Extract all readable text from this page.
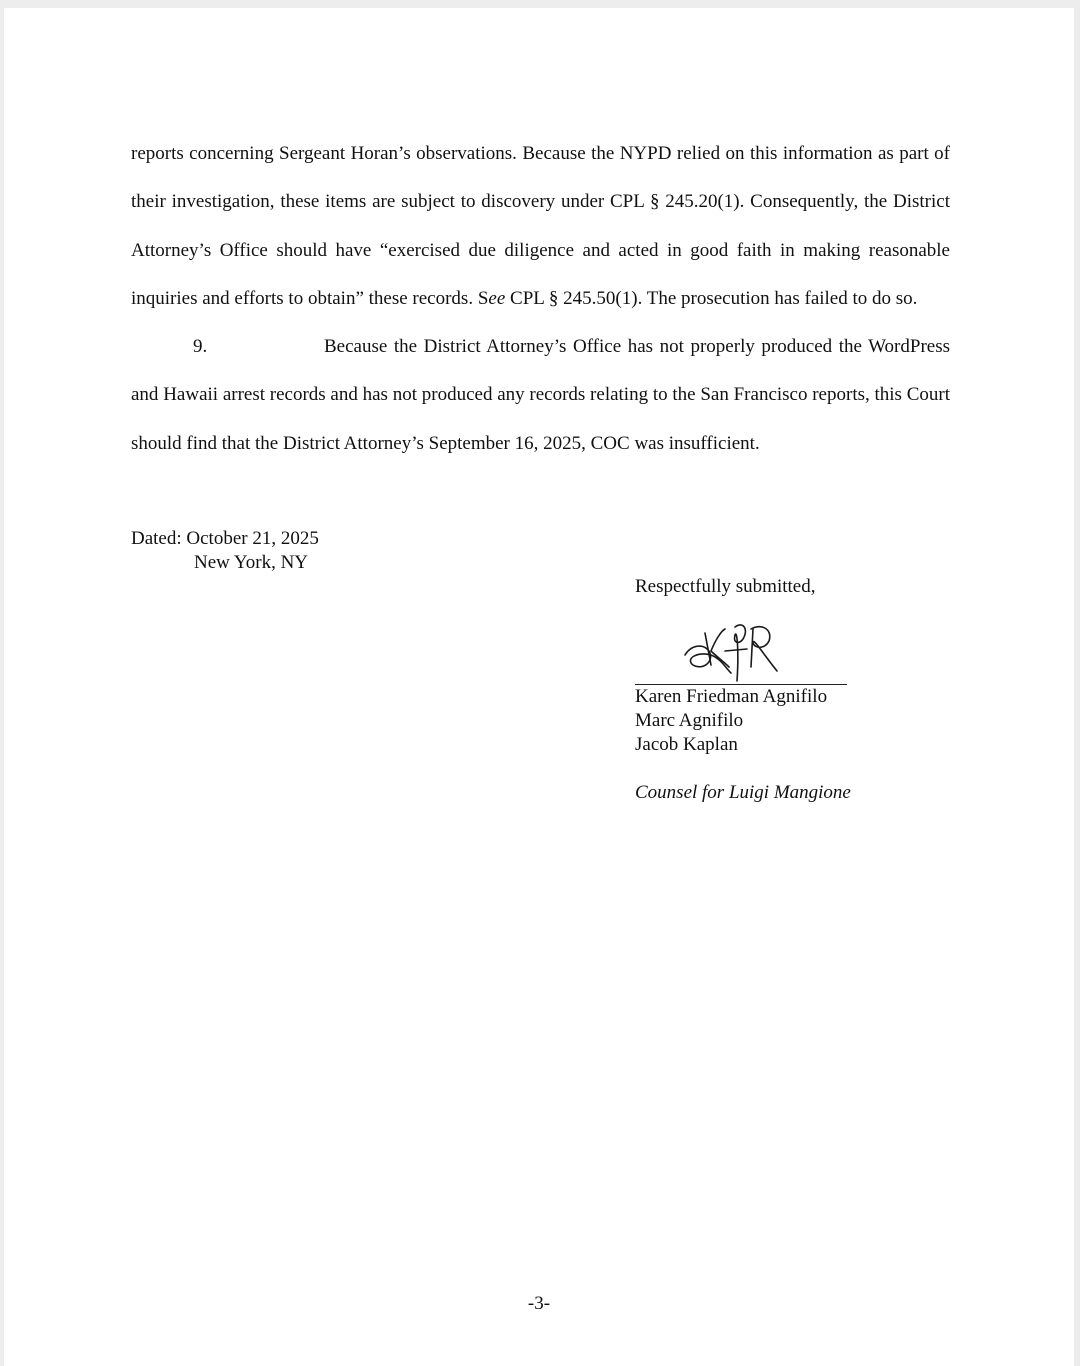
reports concerning Sergeant Horan’s observations. Because the NYPD relied on this information as part of their investigation, these items are subject to discovery under CPL § 245.20(1). Consequently, the District Attorney’s Office should have “exercised due diligence and acted in good faith in making reasonable inquiries and efforts to obtain” these records. See CPL § 245.50(1). The prosecution has failed to do so.

9.	Because the District Attorney’s Office has not properly produced the WordPress and Hawaii arrest records and has not produced any records relating to the San Francisco reports, this Court should find that the District Attorney’s September 16, 2025, COC was insufficient.

Dated: October 21, 2025
New York, NY
Respectfully submitted,
Karen Friedman Agnifilo
Marc Agnifilo
Jacob Kaplan
Counsel for Luigi Mangione
-3-
